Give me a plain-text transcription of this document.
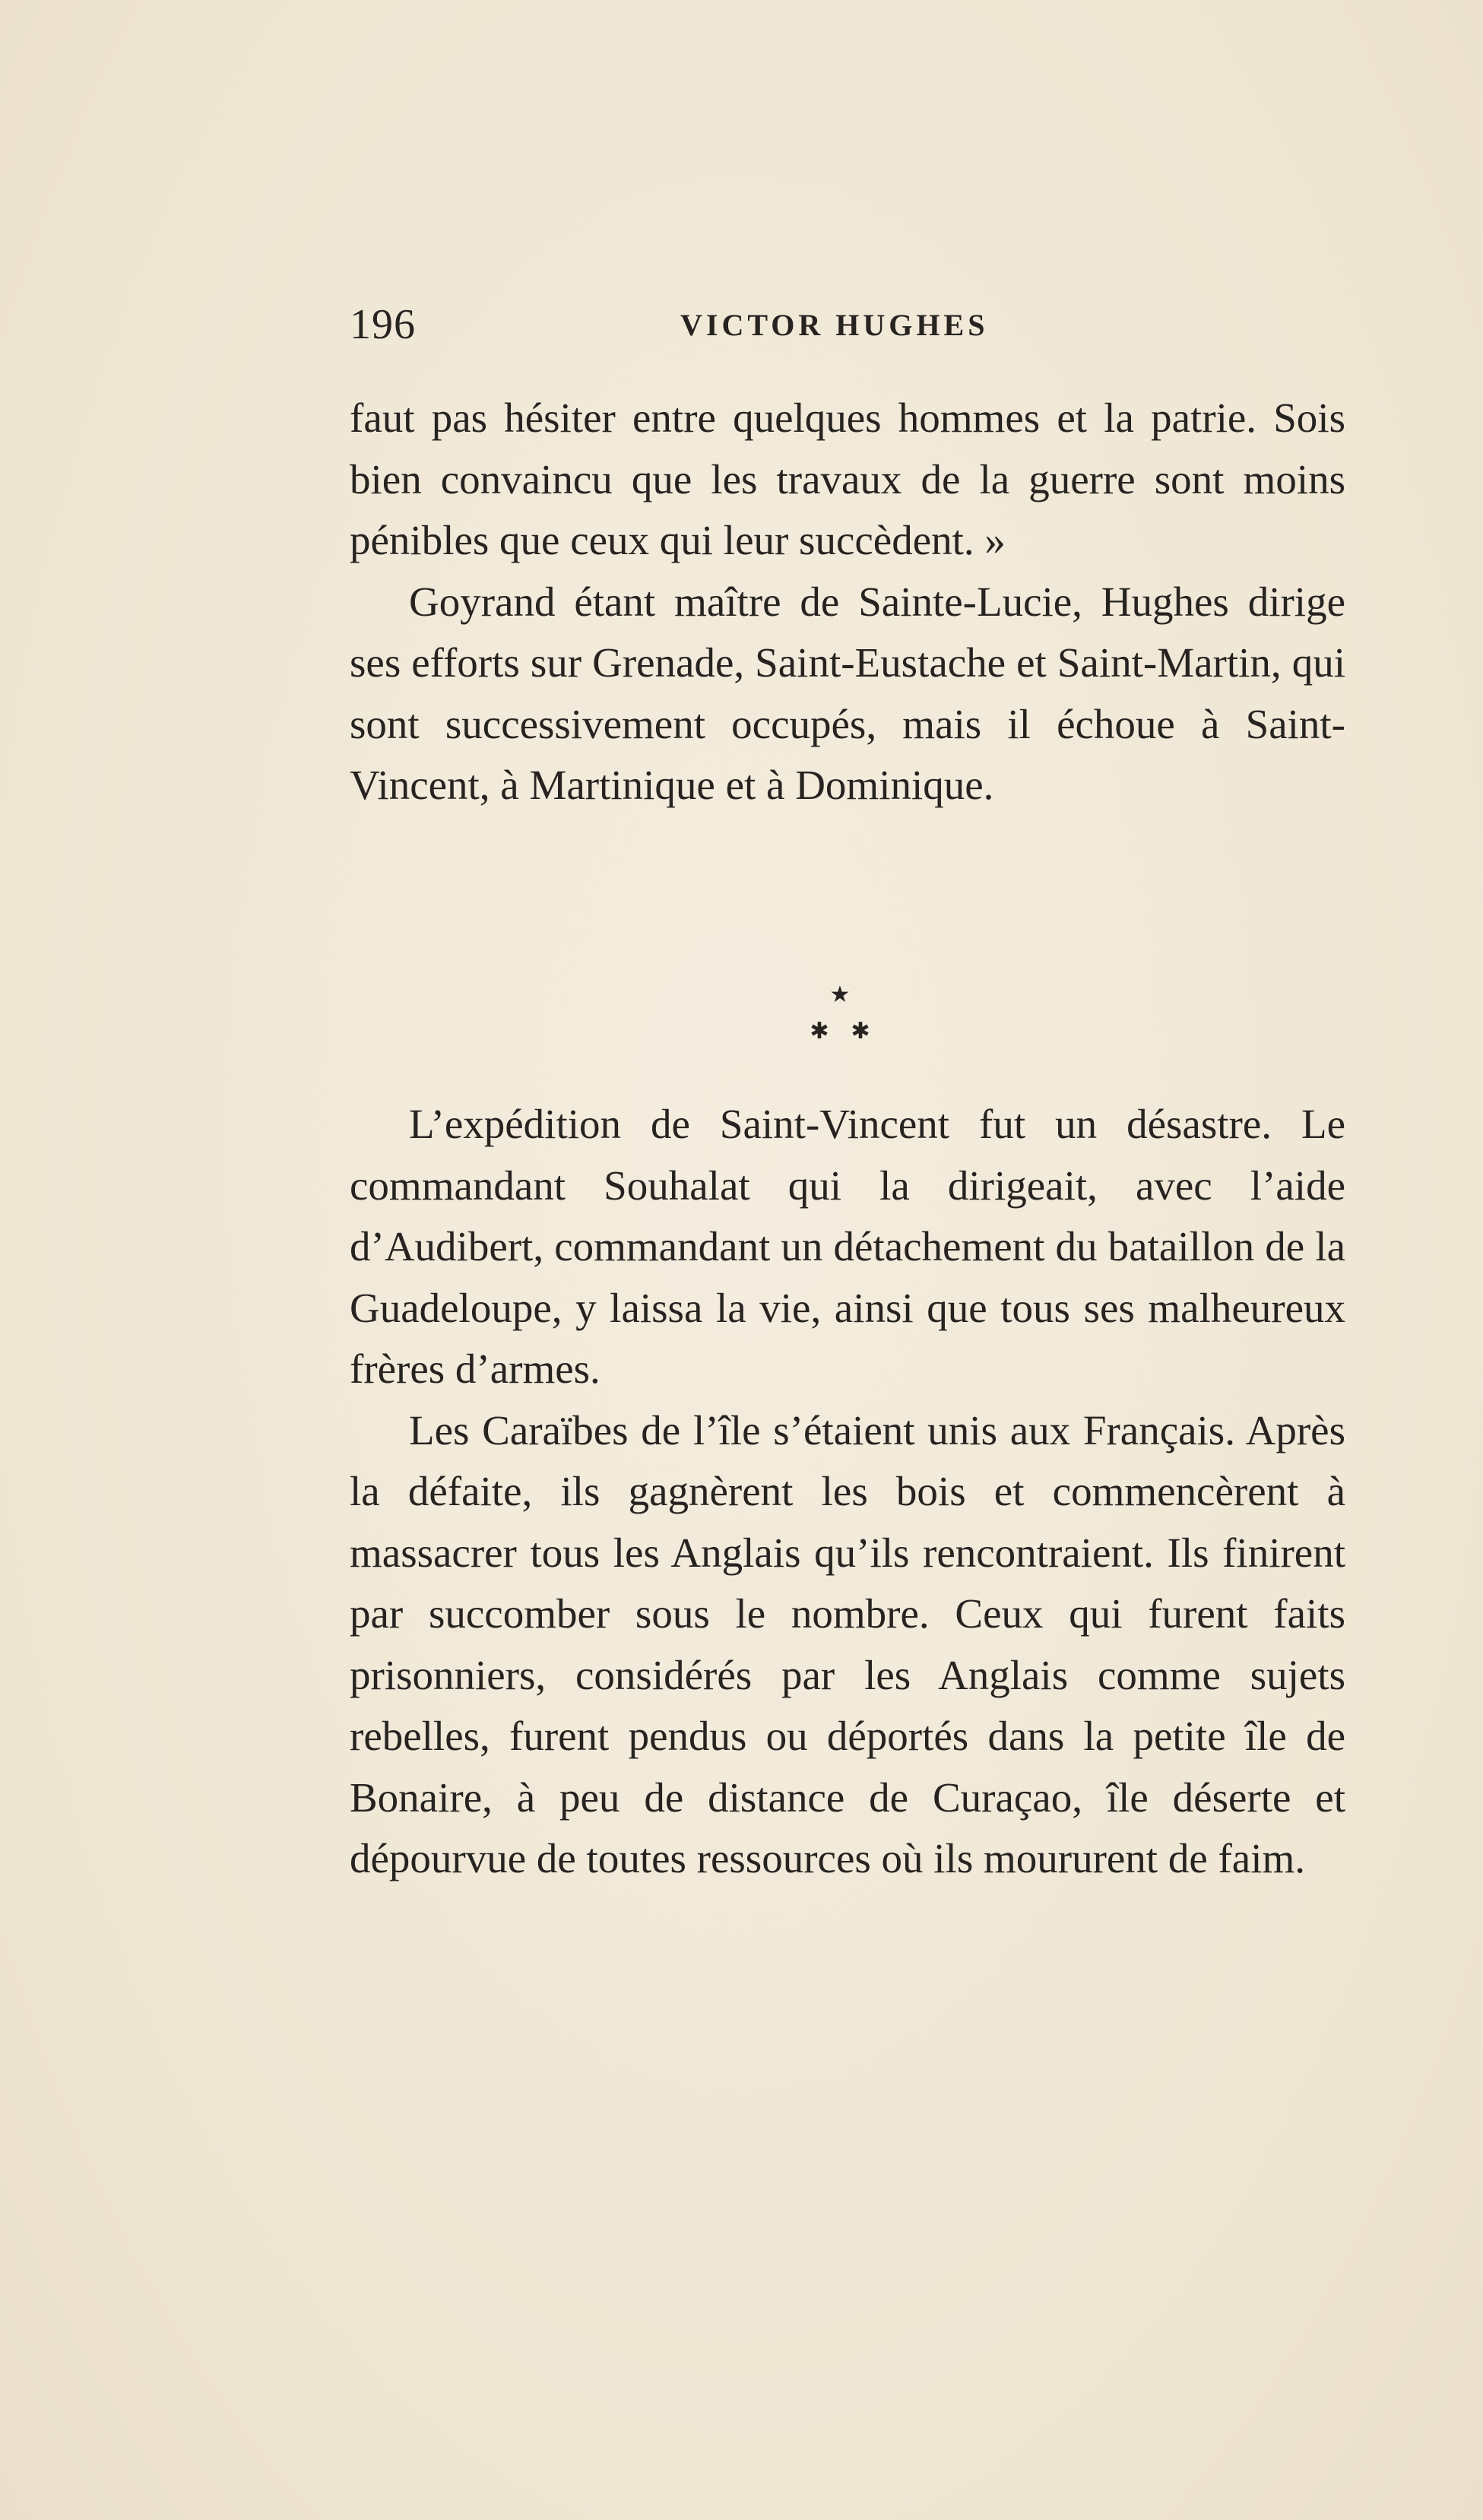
196	VICTOR HUGHES

faut pas hésiter entre quelques hommes et la patrie. Sois bien convaincu que les travaux de la guerre sont moins pénibles que ceux qui leur succèdent. »

Goyrand étant maître de Sainte-Lucie, Hughes dirige ses efforts sur Grenade, Saint-Eustache et Saint-Martin, qui sont successivement occupés, mais il échoue à Saint-Vincent, à Martinique et à Dominique.

★
✱ ✱

L’expédition de Saint-Vincent fut un désastre. Le commandant Souhalat qui la dirigeait, avec l’aide d’Audibert, commandant un détachement du bataillon de la Guadeloupe, y laissa la vie, ainsi que tous ses malheureux frères d’armes.

Les Caraïbes de l’île s’étaient unis aux Français. Après la défaite, ils gagnèrent les bois et commencèrent à massacrer tous les Anglais qu’ils rencontraient. Ils finirent par succomber sous le nombre. Ceux qui furent faits prisonniers, considérés par les Anglais comme sujets rebelles, furent pendus ou déportés dans la petite île de Bonaire, à peu de distance de Curaçao, île déserte et dépourvue de toutes ressources où ils moururent de faim.
